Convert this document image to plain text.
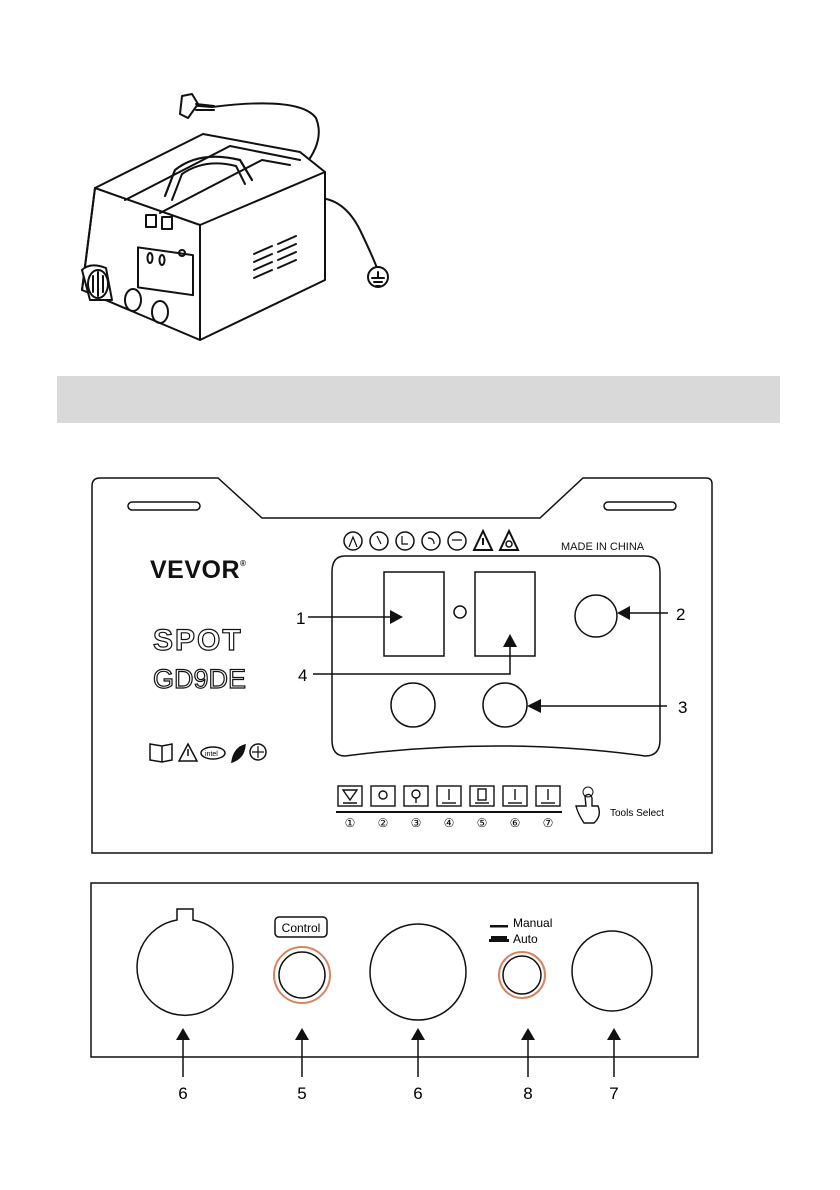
MADE IN CHINA
VEVOR®
SPOT
GD9DE
1	2
3
4
① ② ③ ④ ⑤ ⑥ ⑦
Tools Select
intel
Control	Manual
Auto
6	5	6	8	7
